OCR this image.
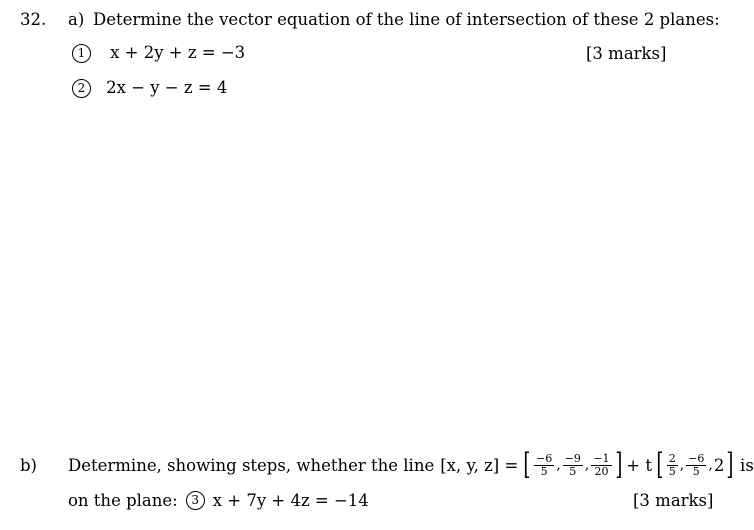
32. a) Determine the vector equation of the line of intersection of these 2 planes:
1 x + 2y + z = −3	[3 marks]
2 2x − y − z = 4
b) Determine, showing steps, whether the line [x, y, z] = [ $\frac{-6}{5}$ , $\frac{-9}{5}$ , $\frac{-1}{20}$ ] + t [ $\frac{2}{5}$ , $\frac{-6}{5}$ , 2 ] is
on the plane:	3 x + 7y + 4z = −14	[3 marks]
